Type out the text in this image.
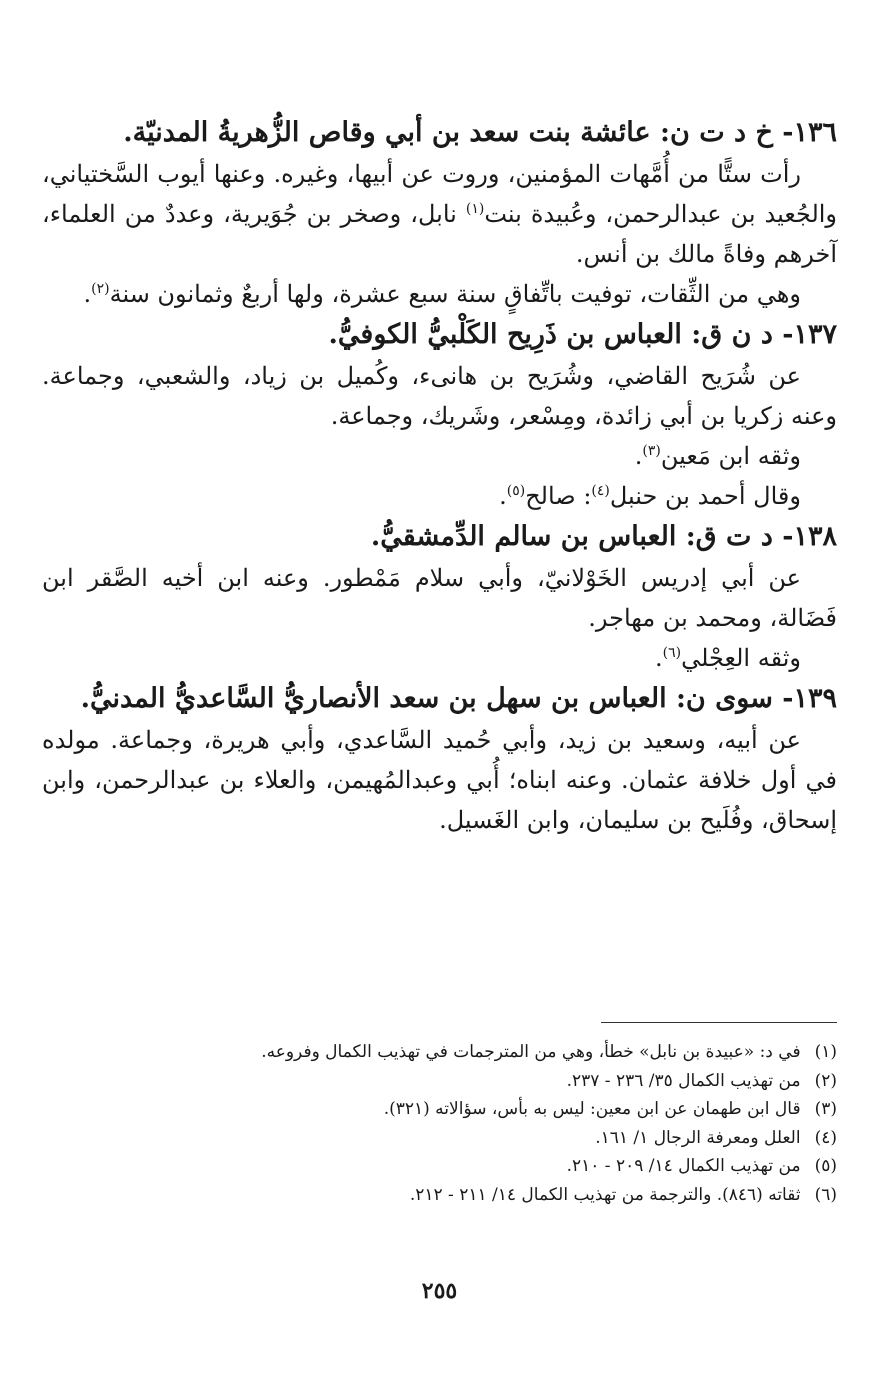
١٣٦- خ د ت ن: عائشة بنت سعد بن أبي وقاص الزُّهريةُ المدنيّة.

رأت ستًّا من أُمَّهات المؤمنين، وروت عن أبيها، وغيره. وعنها أيوب السَّختياني، والجُعيد بن عبدالرحمن، وعُبيدة بنت$^{(١)}$ نابل، وصخر بن جُوَيرية، وعددٌ من العلماء، آخرهم وفاةً مالك بن أنس.

وهي من الثِّقات، توفيت باتِّفاقٍ سنة سبع عشرة، ولها أربعٌ وثمانون سنة$^{(٢)}$.

١٣٧- د ن ق: العباس بن ذَرِيح الكَلْبيُّ الكوفيُّ.

عن شُرَيح القاضي، وشُرَيح بن هانىء، وكُميل بن زياد، والشعبي، وجماعة. وعنه زكريا بن أبي زائدة، ومِسْعر، وشَريك، وجماعة.

وثقه ابن مَعين$^{(٣)}$.

وقال أحمد بن حنبل$^{(٤)}$: صالح$^{(٥)}$.

١٣٨- د ت ق: العباس بن سالم الدِّمشقيُّ.

عن أبي إدريس الخَوْلانيّ، وأبي سلام مَمْطور. وعنه ابن أخيه الصَّقر ابن فَضَالة، ومحمد بن مهاجر.

وثقه العِجْلي$^{(٦)}$.

١٣٩- سوى ن: العباس بن سهل بن سعد الأنصاريُّ السَّاعديُّ المدنيُّ.

عن أبيه، وسعيد بن زيد، وأبي حُميد السَّاعدي، وأبي هريرة، وجماعة. مولده في أول خلافة عثمان. وعنه ابناه؛ أُبي وعبدالمُهيمن، والعلاء بن عبدالرحمن، وابن إسحاق، وفُلَيح بن سليمان، وابن الغَسيل.

(١)
في د: «عبيدة بن نابل» خطأ، وهي من المترجمات في تهذيب الكمال وفروعه.
(٢)
من تهذيب الكمال ٣٥/ ٢٣٦ - ٢٣٧.
(٣)
قال ابن طهمان عن ابن معين: ليس به بأس، سؤالاته (٣٢١).
(٤)
العلل ومعرفة الرجال ١/ ١٦١.
(٥)
من تهذيب الكمال ١٤/ ٢٠٩ - ٢١٠.
(٦)
ثقاته (٨٤٦). والترجمة من تهذيب الكمال ١٤/ ٢١١ - ٢١٢.
٢٥٥
